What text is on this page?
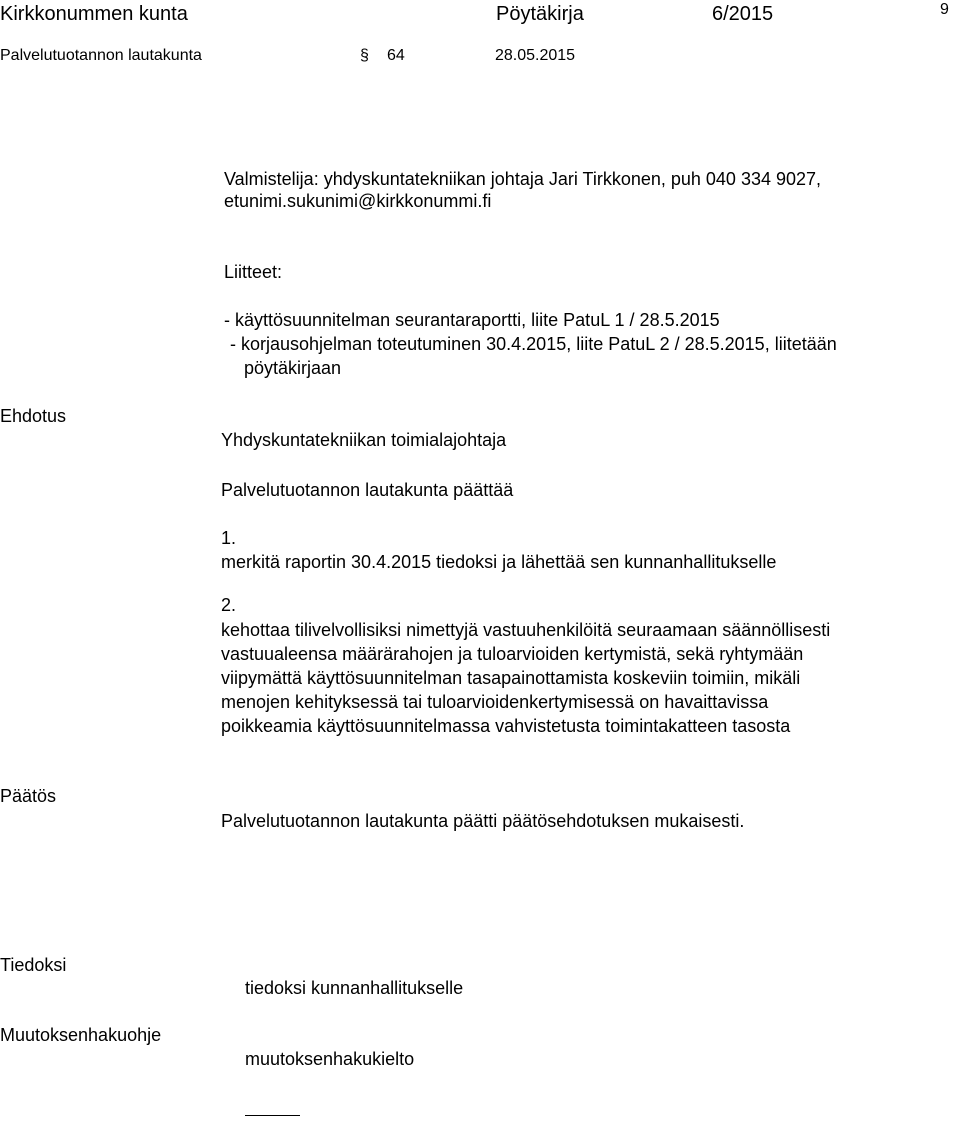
Kirkkonummen kunta	Pöytäkirja	6/2015	9
Palvelutuotannon lautakunta	§ 64	28.05.2015
Valmistelija: yhdyskuntatekniikan johtaja Jari Tirkkonen, puh 040 334 9027,
etunimi.sukunimi@kirkkonummi.fi
Liitteet:
- käyttösuunnitelman seurantaraportti, liite PatuL 1 / 28.5.2015
- korjausohjelman toteutuminen 30.4.2015, liite PatuL 2 / 28.5.2015, liitetään
pöytäkirjaan
Ehdotus
Yhdyskuntatekniikan toimialajohtaja
Palvelutuotannon lautakunta päättää
1.
merkitä raportin 30.4.2015 tiedoksi ja lähettää sen kunnanhallitukselle
2.
kehottaa tilivelvollisiksi nimettyjä vastuuhenkilöitä seuraamaan säännöllisesti
vastuualeensa määrärahojen ja tuloarvioiden kertymistä, sekä ryhtymään
viipymättä käyttösuunnitelman tasapainottamista koskeviin toimiin, mikäli
menojen kehityksessä tai tuloarvioidenkertymisessä on havaittavissa
poikkeamia käyttösuunnitelmassa vahvistetusta toimintakatteen tasosta
Päätös
Palvelutuotannon lautakunta päätti päätösehdotuksen mukaisesti.
Tiedoksi
tiedoksi kunnanhallitukselle
Muutoksenhakuohje
muutoksenhakukielto
